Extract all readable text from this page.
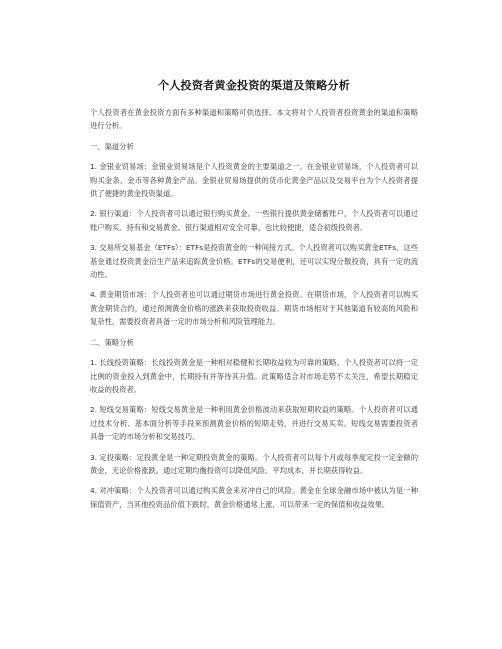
个人投资者黄金投资的渠道及策略分析

个人投资者在黄金投资方面有多种渠道和策略可供选择。本文将对个人投资者投资黄金的渠道和策略进行分析。

一、渠道分析

1. 金银业贸易场：金银业贸易场是个人投资黄金的主要渠道之一。在金银业贸易场，个人投资者可以购买金条、金币等各种黄金产品。金银业贸易场提供的货币化黄金产品以及交易平台为个人投资者提供了便捷的黄金投资渠道。

2. 银行渠道：个人投资者可以通过银行购买黄金。一些银行提供黄金储蓄账户，个人投资者可以通过账户购买、持有和交易黄金。银行渠道相对安全可靠，也比较便捷，适合初级投资者。

3. 交易所交易基金（ETFs）：ETFs是投资黄金的一种间接方式。个人投资者可以购买黄金ETFs，这些基金通过投资黄金衍生产品来追踪黄金价格。ETFs的交易便利，还可以实现分散投资，具有一定的流动性。

4. 黄金期货市场：个人投资者也可以通过期货市场进行黄金投资。在期货市场，个人投资者可以购买黄金期货合约，通过预测黄金价格的涨跌来获取投资收益。期货市场相对于其他渠道有较高的风险和复杂性，需要投资者具备一定的市场分析和风险管理能力。

二、策略分析

1. 长线投资策略：长线投资黄金是一种相对稳健和长期收益较为可靠的策略。个人投资者可以将一定比例的资金投入到黄金中，长期持有并等待其升值。此策略适合对市场走势不太关注，希望长期稳定收益的投资者。

2. 短线交易策略：短线交易黄金是一种利用黄金价格波动来获取短期收益的策略。个人投资者可以通过技术分析、基本面分析等手段来预测黄金价格的短期走势，并进行交易买卖。短线交易需要投资者具备一定的市场分析和交易技巧。

3. 定投策略：定投黄金是一种定期投资黄金的策略。个人投资者可以每个月或每季度定投一定金额的黄金，无论价格涨跌。通过定期均衡投资可以降低风险、平均成本，并长期获得收益。

4. 对冲策略：个人投资者可以通过购买黄金来对冲自己的风险。黄金在全球金融市场中被认为是一种保值资产，当其他投资品价值下跌时，黄金价格通常上涨，可以带来一定的保值和收益效果。
